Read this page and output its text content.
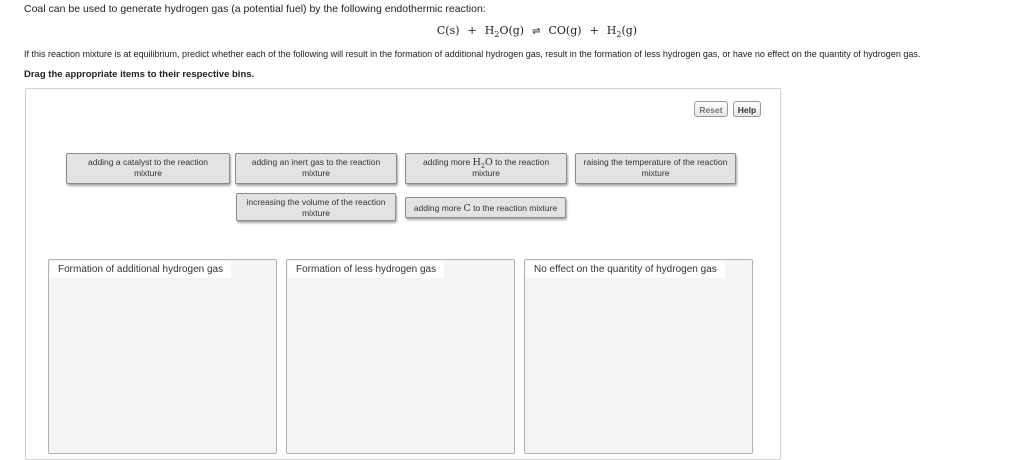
Coal can be used to generate hydrogen gas (a potential fuel) by the following endothermic reaction:
$C(s) + H_2O(g)$ ⇌ $CO(g) + H_2(g)$
If this reaction mixture is at equilibrium, predict whether each of the following will result in the formation of additional hydrogen gas, result in the formation of less hydrogen gas, or have no effect on the quantity of hydrogen gas.
Drag the appropriate items to their respective bins.
Reset	Help
adding a catalyst to the reaction mixture
adding an inert gas to the reaction mixture
adding more $H_2O$ to the reaction mixture
raising the temperature of the reaction mixture
increasing the volume of the reaction mixture	adding more C to the reaction mixture
Formation of additional hydrogen gas	Formation of less hydrogen gas	No effect on the quantity of hydrogen gas
